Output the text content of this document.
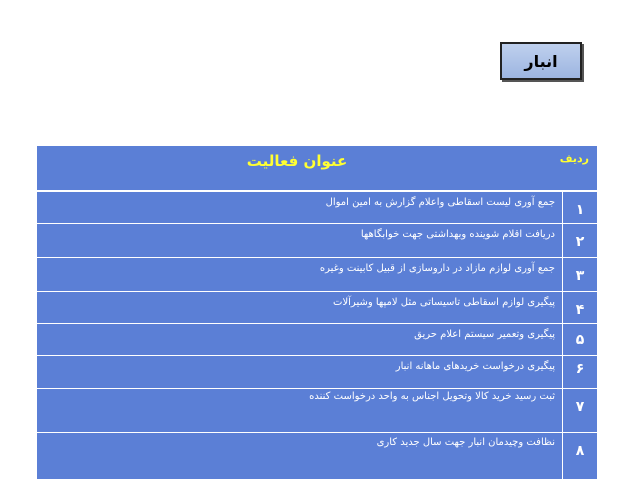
انبار
ردیف
عنوان فعالیت
۱
جمع آوری لیست اسقاطی واعلام گزارش به امین اموال
۲
دریافت اقلام شوینده وبهداشتی جهت خوابگاهها
۳
جمع آوری لوازم مازاد در داروسازی از قبیل کابینت وغیره
۴
پیگیری لوازم اسقاطی تاسیساتی مثل لامپها وشیرآلات
۵
پیگیری وتعمیر سیستم اعلام حریق
۶
پیگیری درخواست خریدهای ماهانه انبار
۷
ثبت رسید خرید کالا وتحویل اجناس به واحد درخواست کننده
۸
نظافت وچیدمان انبار جهت سال جدید کاری
